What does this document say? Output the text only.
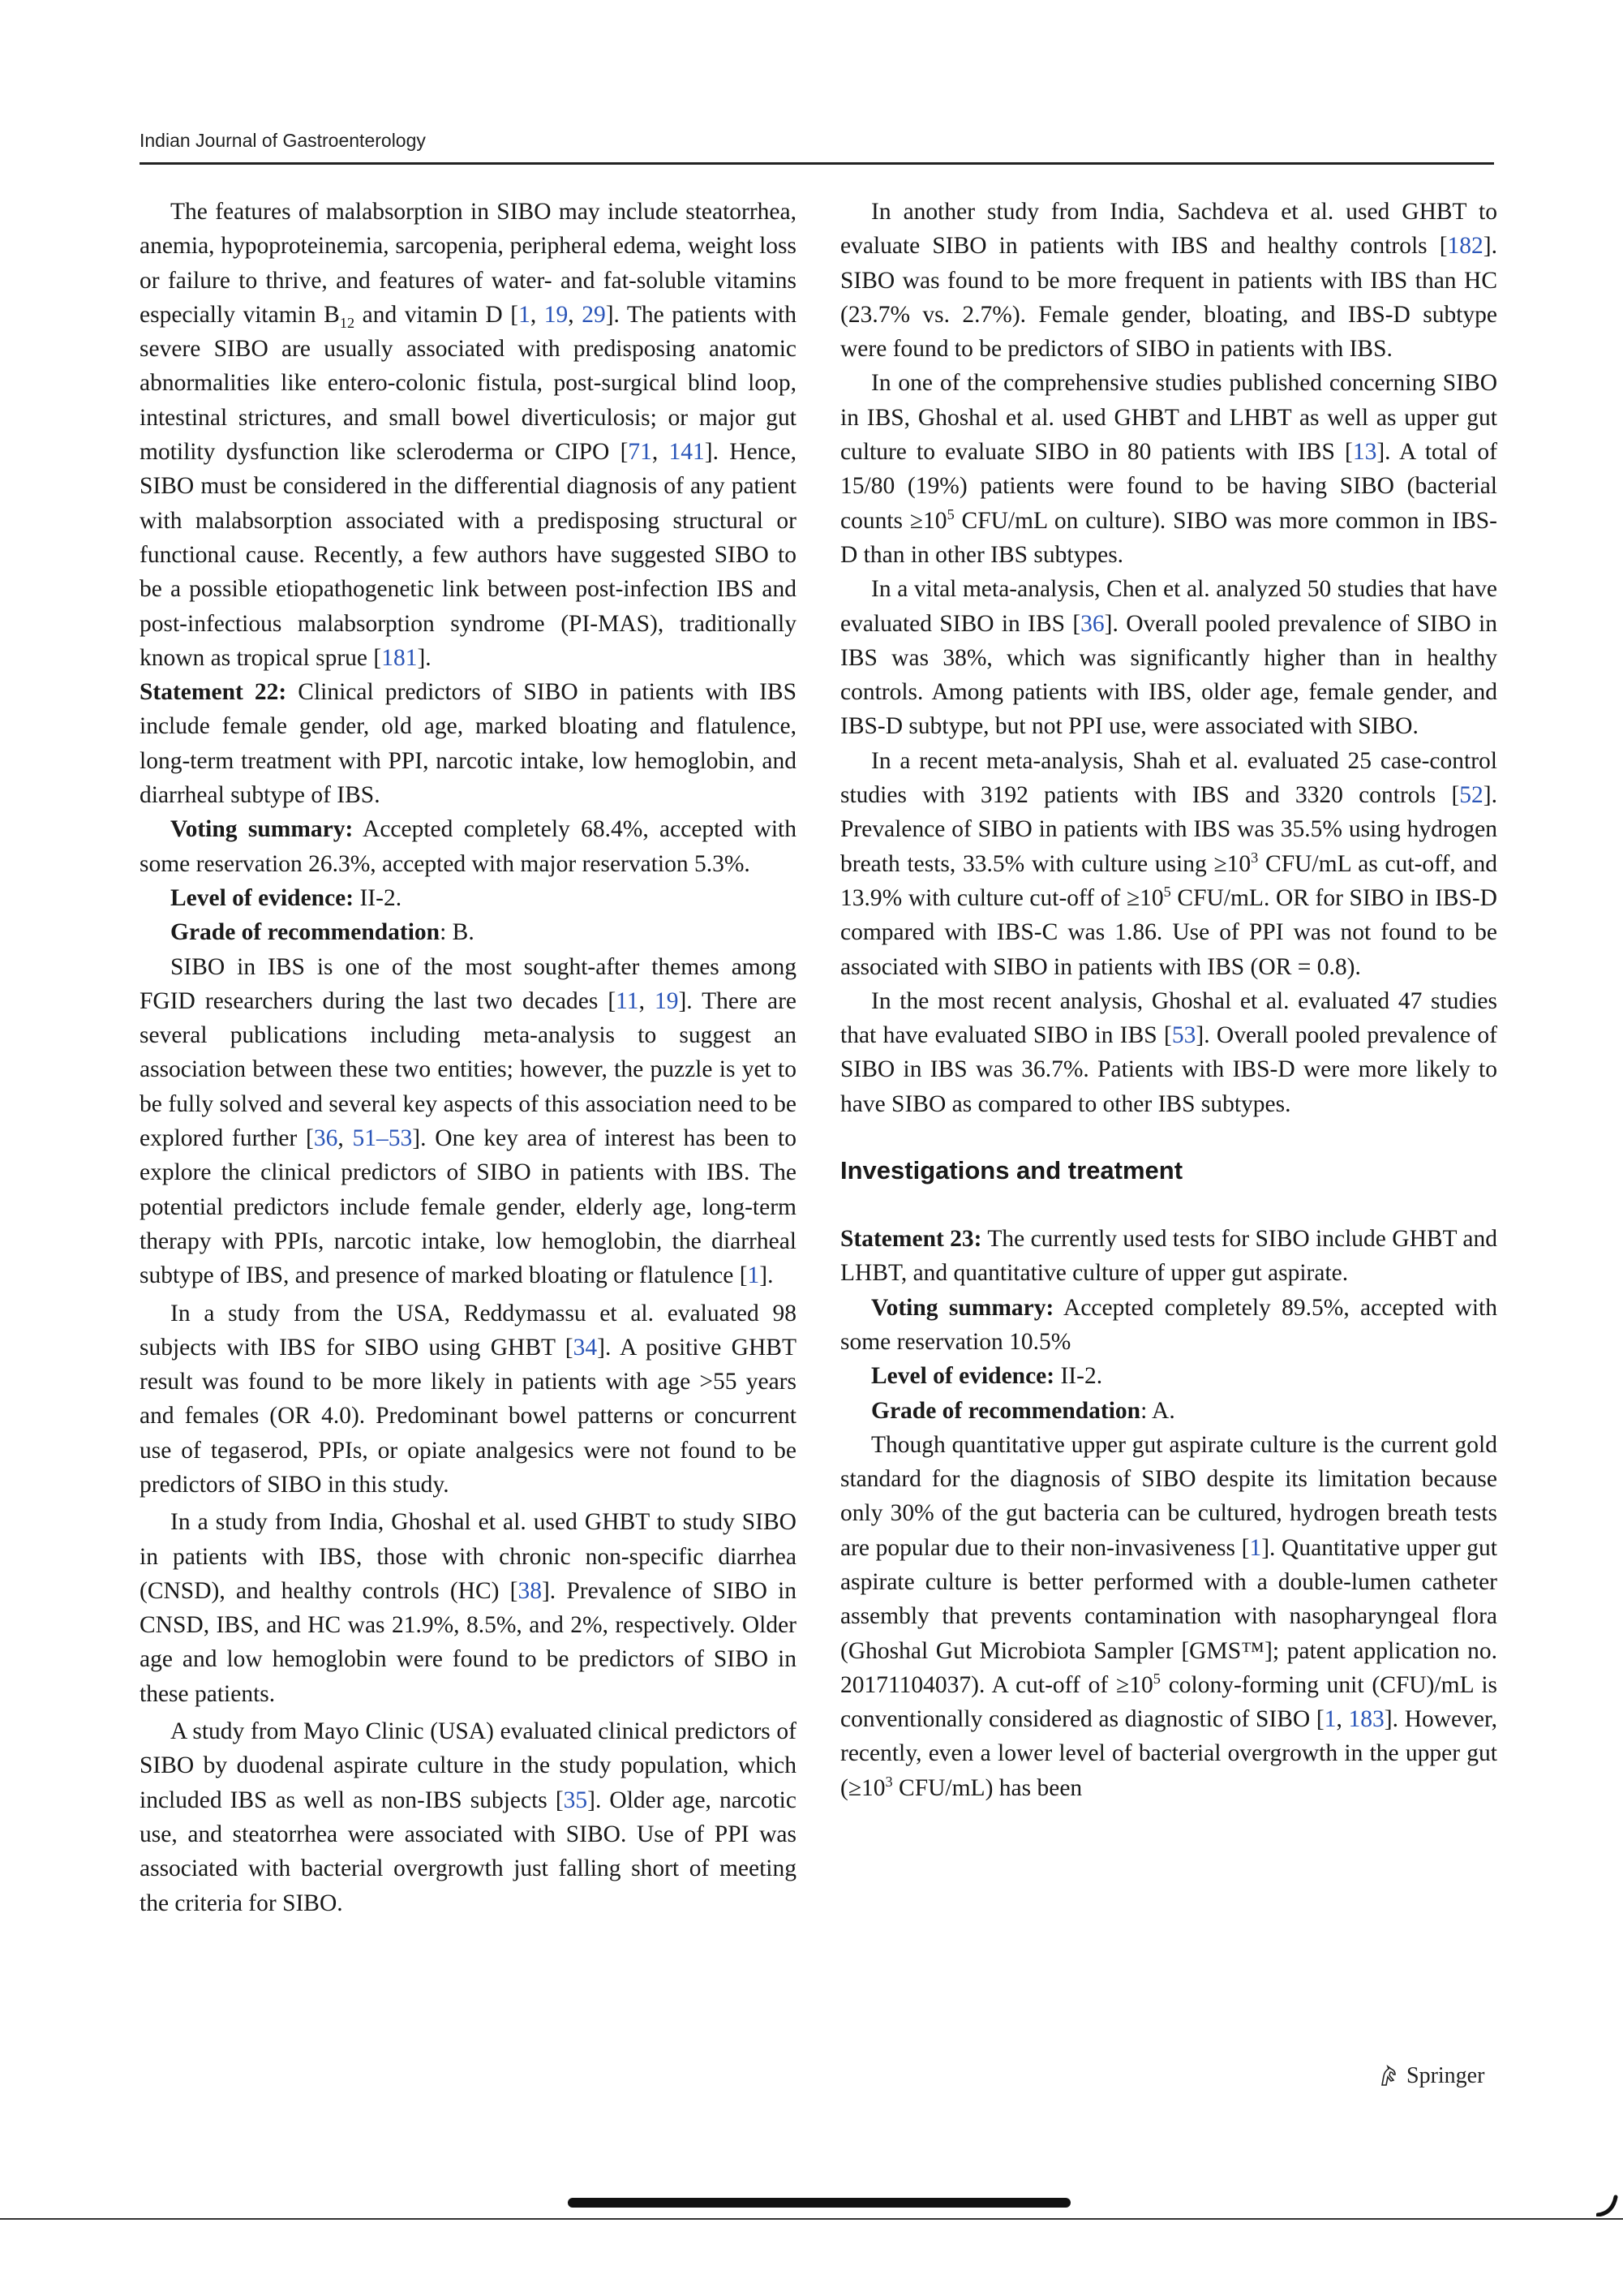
Indian Journal of Gastroenterology

The features of malabsorption in SIBO may include steatorrhea, anemia, hypoproteinemia, sarcopenia, peripheral edema, weight loss or failure to thrive, and features of water- and fat-soluble vitamins especially vitamin $B_{12}$ and vitamin D [1, 19, 29]. The patients with severe SIBO are usually associated with predisposing anatomic abnormalities like entero-colonic fistula, post-surgical blind loop, intestinal strictures, and small bowel diverticulosis; or major gut motility dysfunction like scleroderma or CIPO [71, 141]. Hence, SIBO must be considered in the differential diagnosis of any patient with malabsorption associated with a predisposing structural or functional cause. Recently, a few authors have suggested SIBO to be a possible etiopathogenetic link between post-infection IBS and post-infectious malabsorption syndrome (PI-MAS), traditionally known as tropical sprue [181].

Statement 22: Clinical predictors of SIBO in patients with IBS include female gender, old age, marked bloating and flatulence, long-term treatment with PPI, narcotic intake, low hemoglobin, and diarrheal subtype of IBS.

Voting summary: Accepted completely 68.4%, accepted with some reservation 26.3%, accepted with major reservation 5.3%.

Level of evidence: II-2.

Grade of recommendation: B.

SIBO in IBS is one of the most sought-after themes among FGID researchers during the last two decades [11, 19]. There are several publications including meta-analysis to suggest an association between these two entities; however, the puzzle is yet to be fully solved and several key aspects of this association need to be explored further [36, 51–53]. One key area of interest has been to explore the clinical predictors of SIBO in patients with IBS. The potential predictors include female gender, elderly age, long-term therapy with PPIs, narcotic intake, low hemoglobin, the diarrheal subtype of IBS, and presence of marked bloating or flatulence [1].

In a study from the USA, Reddymassu et al. evaluated 98 subjects with IBS for SIBO using GHBT [34]. A positive GHBT result was found to be more likely in patients with age >55 years and females (OR 4.0). Predominant bowel patterns or concurrent use of tegaserod, PPIs, or opiate analgesics were not found to be predictors of SIBO in this study.

In a study from India, Ghoshal et al. used GHBT to study SIBO in patients with IBS, those with chronic non-specific diarrhea (CNSD), and healthy controls (HC) [38]. Prevalence of SIBO in CNSD, IBS, and HC was 21.9%, 8.5%, and 2%, respectively. Older age and low hemoglobin were found to be predictors of SIBO in these patients.

A study from Mayo Clinic (USA) evaluated clinical predictors of SIBO by duodenal aspirate culture in the study population, which included IBS as well as non-IBS subjects [35]. Older age, narcotic use, and steatorrhea were associated with SIBO. Use of PPI was associated with bacterial overgrowth just falling short of meeting the criteria for SIBO.

In another study from India, Sachdeva et al. used GHBT to evaluate SIBO in patients with IBS and healthy controls [182]. SIBO was found to be more frequent in patients with IBS than HC (23.7% vs. 2.7%). Female gender, bloating, and IBS-D subtype were found to be predictors of SIBO in patients with IBS.

In one of the comprehensive studies published concerning SIBO in IBS, Ghoshal et al. used GHBT and LHBT as well as upper gut culture to evaluate SIBO in 80 patients with IBS [13]. A total of 15/80 (19%) patients were found to be having SIBO (bacterial counts $\ge 10^5$ CFU/mL on culture). SIBO was more common in IBS-D than in other IBS subtypes.

In a vital meta-analysis, Chen et al. analyzed 50 studies that have evaluated SIBO in IBS [36]. Overall pooled prevalence of SIBO in IBS was 38%, which was significantly higher than in healthy controls. Among patients with IBS, older age, female gender, and IBS-D subtype, but not PPI use, were associated with SIBO.

In a recent meta-analysis, Shah et al. evaluated 25 case-control studies with 3192 patients with IBS and 3320 controls [52]. Prevalence of SIBO in patients with IBS was 35.5% using hydrogen breath tests, 33.5% with culture $using \ge 10^3$ CFU/mL as cut-off, and 13.9% with culture cut-off of $\ge 10^5$ CFU/mL. OR for SIBO in IBS-D compared with IBS-C was 1.86. Use of PPI was not found to be associated with SIBO in patients with IBS (OR = 0.8).

In the most recent analysis, Ghoshal et al. evaluated 47 studies that have evaluated SIBO in IBS [53]. Overall pooled prevalence of SIBO in IBS was 36.7%. Patients with IBS-D were more likely to have SIBO as compared to other IBS subtypes.

Investigations and treatment

Statement 23: The currently used tests for SIBO include GHBT and LHBT, and quantitative culture of upper gut aspirate.

Voting summary: Accepted completely 89.5%, accepted with some reservation 10.5%

Level of evidence: II-2.

Grade of recommendation: A.

Though quantitative upper gut aspirate culture is the current gold standard for the diagnosis of SIBO despite its limitation because only 30% of the gut bacteria can be cultured, hydrogen breath tests are popular due to their non-invasiveness [1]. Quantitative upper gut aspirate culture is better performed with a double-lumen catheter assembly that prevents contamination with nasopharyngeal flora (Ghoshal Gut Microbiota Sampler [GMS™]; patent application no. 20171104037). A cut-off of $\ge 10^5$ colony-forming unit (CFU)/mL is conventionally considered as diagnostic of SIBO [1, 183]. However, recently, even a lower level of bacterial overgrowth in the upper gut ($\ge 10^3$ CFU/mL) has been

Springer
